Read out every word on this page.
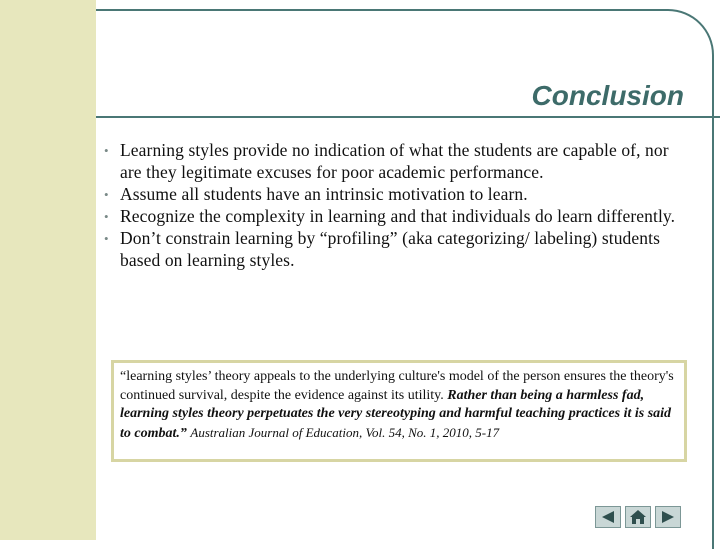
Conclusion
• Learning styles provide no indication of what the students are capable of, nor are they legitimate excuses for poor academic performance.
• Assume all students have an intrinsic motivation to learn.
• Recognize the complexity in learning and that individuals do learn differently.
• Don’t constrain learning by “profiling” (aka categorizing/ labeling) students based on learning styles.
“learning styles’ theory appeals to the underlying culture's model of the person ensures the theory's continued survival, despite the evidence against its utility. Rather than being a harmless fad, learning styles theory perpetuates the very stereotyping and harmful teaching practices it is said to combat.” Australian Journal of Education, Vol. 54, No. 1, 2010, 5-17
